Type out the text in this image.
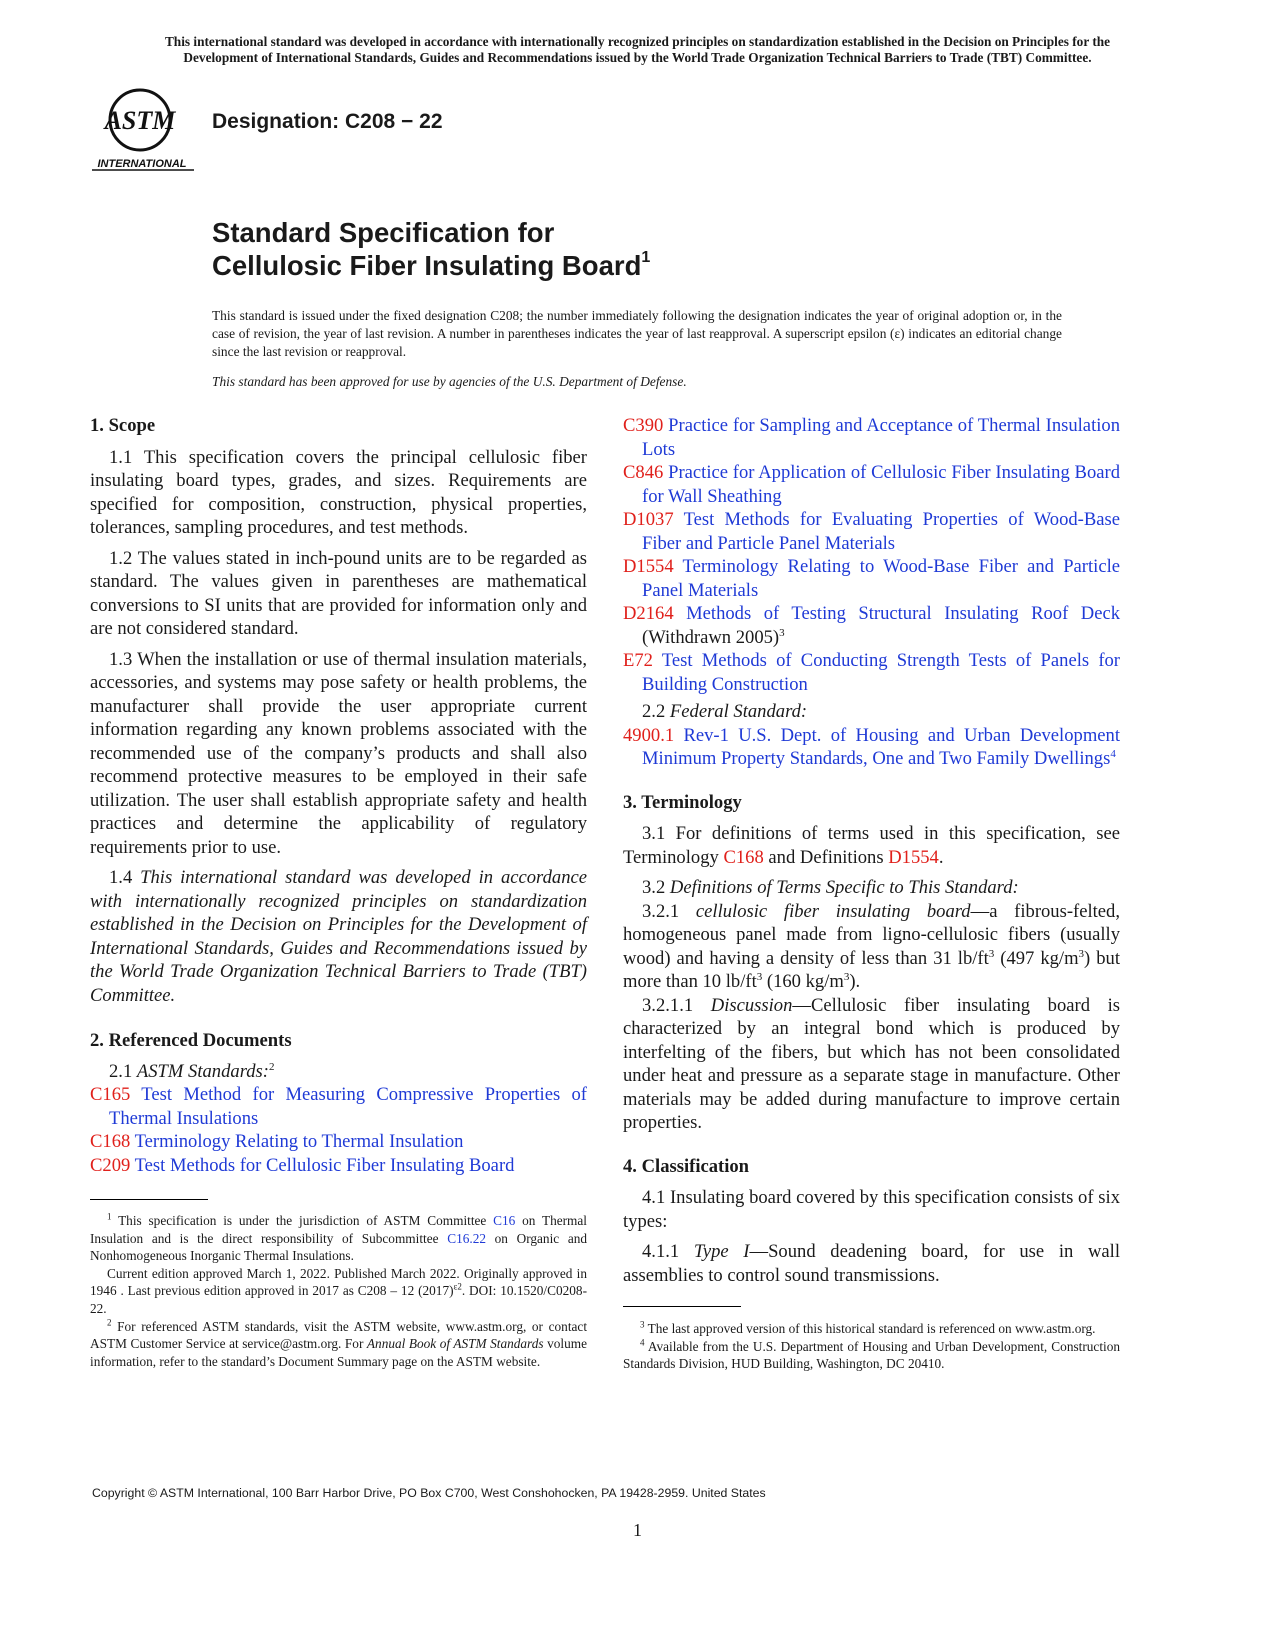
This international standard was developed in accordance with internationally recognized principles on standardization established in the Decision on Principles for the
Development of International Standards, Guides and Recommendations issued by the World Trade Organization Technical Barriers to Trade (TBT) Committee.
ASTM
INTERNATIONAL
Designation: C208 − 22
Standard Specification for
Cellulosic Fiber Insulating Board$^1$
This standard is issued under the fixed designation C208; the number immediately following the designation indicates the year of original adoption or, in the case of revision, the year of last revision. A number in parentheses indicates the year of last reapproval. A superscript epsilon (ε) indicates an editorial change since the last revision or reapproval.
This standard has been approved for use by agencies of the U.S. Department of Defense.
1. Scope

1.1 This specification covers the principal cellulosic fiber insulating board types, grades, and sizes. Requirements are specified for composition, construction, physical properties, tolerances, sampling procedures, and test methods.

1.2 The values stated in inch-pound units are to be regarded as standard. The values given in parentheses are mathematical conversions to SI units that are provided for information only and are not considered standard.

1.3 When the installation or use of thermal insulation materials, accessories, and systems may pose safety or health problems, the manufacturer shall provide the user appropriate current information regarding any known problems associated with the recommended use of the company’s products and shall also recommend protective measures to be employed in their safe utilization. The user shall establish appropriate safety and health practices and determine the applicability of regulatory requirements prior to use.

1.4 This international standard was developed in accordance with internationally recognized principles on standardization established in the Decision on Principles for the Development of International Standards, Guides and Recommendations issued by the World Trade Organization Technical Barriers to Trade (TBT) Committee.

2. Referenced Documents

2.1 ASTM Standards:$^2$

C165 Test Method for Measuring Compressive Properties of Thermal Insulations

C168 Terminology Relating to Thermal Insulation

C209 Test Methods for Cellulosic Fiber Insulating Board

$^1$ This specification is under the jurisdiction of ASTM Committee C16 on Thermal Insulation and is the direct responsibility of Subcommittee C16.22 on Organic and Nonhomogeneous Inorganic Thermal Insulations.

Current edition approved March 1, 2022. Published March 2022. Originally approved in 1946 . Last previous edition approved in 2017 as C208 – 12 $(2017)^{\varepsilon 2}$. DOI: 10.1520/C0208-22.

$^2$ For referenced ASTM standards, visit the ASTM website, www.astm.org, or contact ASTM Customer Service at service@astm.org. For Annual Book of ASTM Standards volume information, refer to the standard’s Document Summary page on the ASTM website.

C390 Practice for Sampling and Acceptance of Thermal Insulation Lots

C846 Practice for Application of Cellulosic Fiber Insulating Board for Wall Sheathing

D1037 Test Methods for Evaluating Properties of Wood-Base Fiber and Particle Panel Materials

D1554 Terminology Relating to Wood-Base Fiber and Particle Panel Materials

D2164 Methods of Testing Structural Insulating Roof Deck (Withdrawn 2005)$^3$

E72 Test Methods of Conducting Strength Tests of Panels for Building Construction

2.2 Federal Standard:

4900.1 Rev-1 U.S. Dept. of Housing and Urban Development Minimum Property Standards, One and Two Family Dwellings$^4$

3. Terminology

3.1 For definitions of terms used in this specification, see Terminology C168 and Definitions D1554.

3.2 Definitions of Terms Specific to This Standard:

3.2.1 cellulosic fiber insulating board—a fibrous-felted, homogeneous panel made from ligno-cellulosic fibers (usually wood) and having a density of less than 31 $lb/ft^3$ (497 $kg/m^3$) but more than 10 $lb/ft^3$ (160 $kg/m^3$).

3.2.1.1 Discussion—Cellulosic fiber insulating board is characterized by an integral bond which is produced by interfelting of the fibers, but which has not been consolidated under heat and pressure as a separate stage in manufacture. Other materials may be added during manufacture to improve certain properties.

4. Classification

4.1 Insulating board covered by this specification consists of six types:

4.1.1 Type I—Sound deadening board, for use in wall assemblies to control sound transmissions.

$^3$ The last approved version of this historical standard is referenced on www.astm.org.

$^4$ Available from the U.S. Department of Housing and Urban Development, Construction Standards Division, HUD Building, Washington, DC 20410.

Copyright © ASTM International, 100 Barr Harbor Drive, PO Box C700, West Conshohocken, PA 19428-2959. United States
1
